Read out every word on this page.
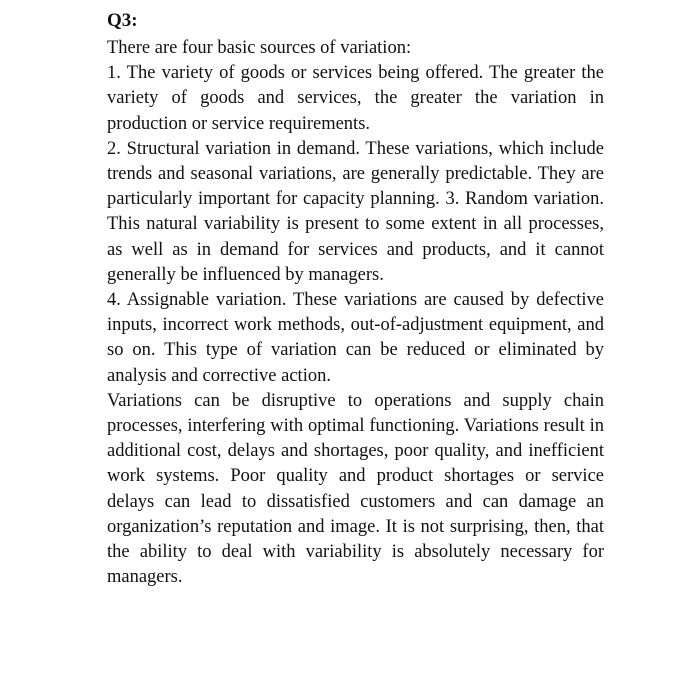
Q3:

There are four basic sources of variation:

1. The variety of goods or services being offered. The greater the variety of goods and services, the greater the variation in production or service requirements.

2. Structural variation in demand. These variations, which include trends and seasonal variations, are generally predictable. They are particularly important for capacity planning. 3. Random variation. This natural variability is present to some extent in all processes, as well as in demand for services and products, and it cannot generally be influenced by managers.

4. Assignable variation. These variations are caused by defective inputs, incorrect work methods, out-of-adjustment equipment, and so on. This type of variation can be reduced or eliminated by analysis and corrective action.

Variations can be disruptive to operations and supply chain processes, interfering with optimal functioning. Variations result in additional cost, delays and shortages, poor quality, and inefficient work systems. Poor quality and product shortages or service delays can lead to dissatisfied customers and can damage an organization’s reputation and image. It is not surprising, then, that the ability to deal with variability is absolutely necessary for managers.
